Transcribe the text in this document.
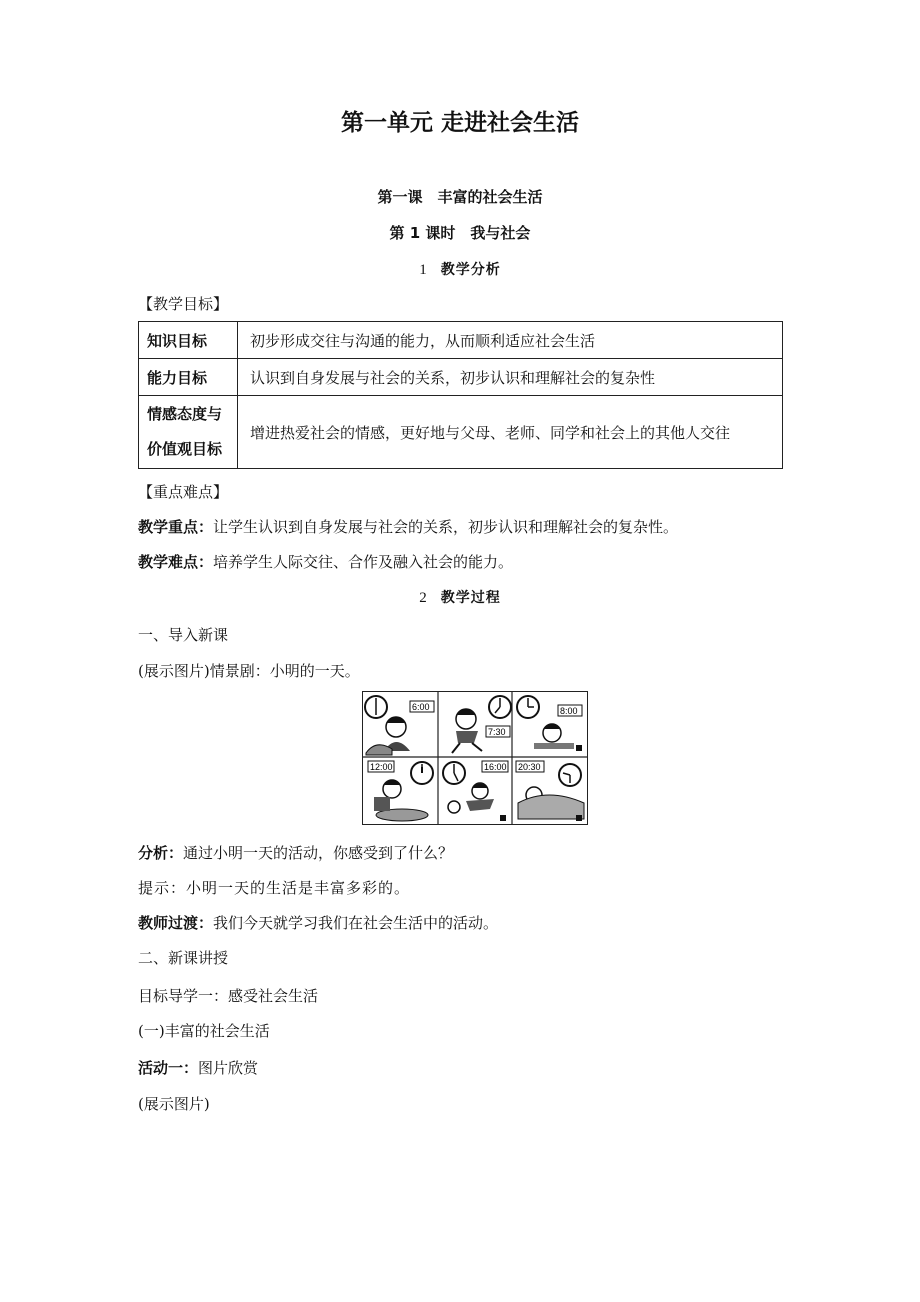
第一单元 走进社会生活
第一课　丰富的社会生活
第 1 课时　我与社会
1 教学分析
【教学目标】
知识目标	初步形成交往与沟通的能力，从而顺利适应社会生活
能力目标	认识到自身发展与社会的关系，初步认识和理解社会的复杂性

情感态度与
价值观目标	增进热爱社会的情感，更好地与父母、老师、同学和社会上的其他人交往
【重点难点】
教学重点：让学生认识到自身发展与社会的关系，初步认识和理解社会的复杂性。
教学难点：培养学生人际交往、合作及融入社会的能力。
2 教学过程
一、导入新课
(展示图片)情景剧：小明的一天。
6:00
7:30
8:00
12:00	16:00 20:30
分析：通过小明一天的活动，你感受到了什么？
提示：小明一天的生活是丰富多彩的。
教师过渡：我们今天就学习我们在社会生活中的活动。
二、新课讲授
目标导学一：感受社会生活
(一)丰富的社会生活
活动一：图片欣赏
(展示图片)
